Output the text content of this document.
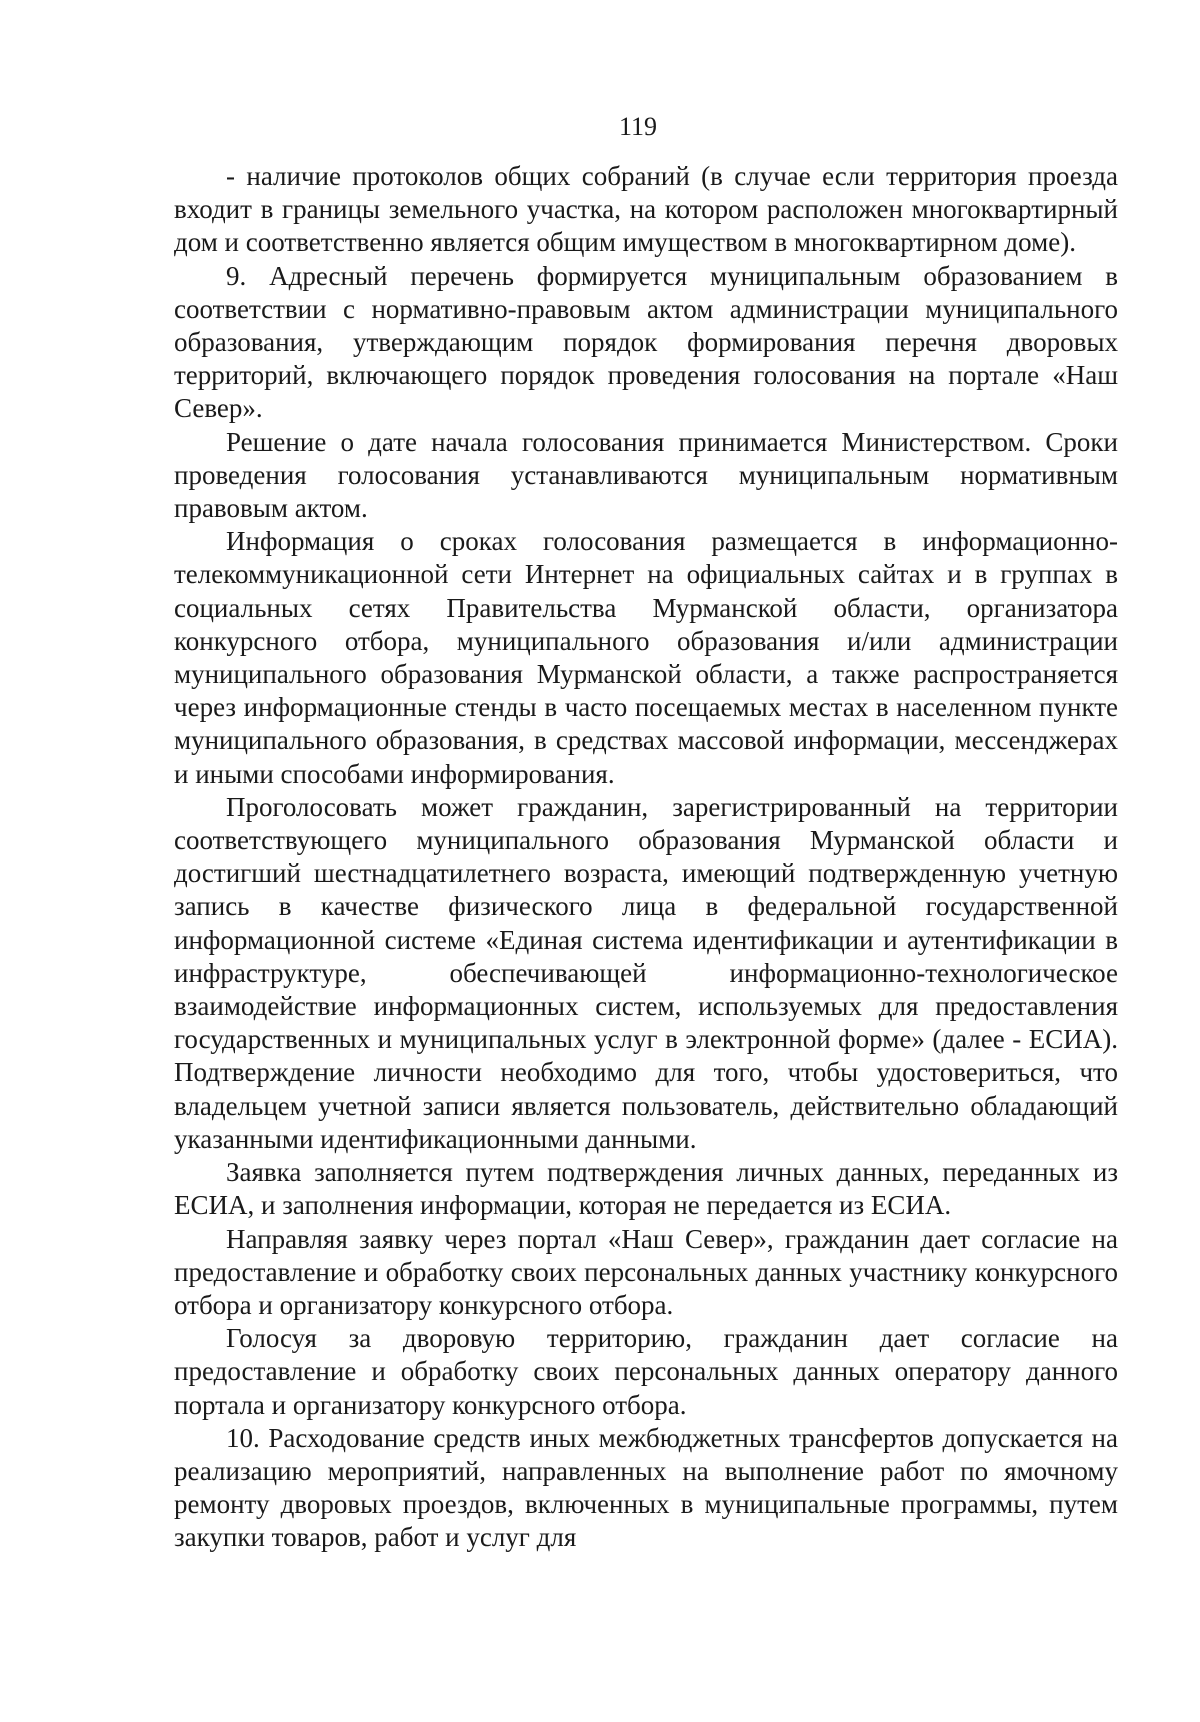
119

- наличие протоколов общих собраний (в случае если территория проезда входит в границы земельного участка, на котором расположен многоквартирный дом и соответственно является общим имуществом в многоквартирном доме).

9. Адресный перечень формируется муниципальным образованием в соответствии с нормативно-правовым актом администрации муниципального образования, утверждающим порядок формирования перечня дворовых территорий, включающего порядок проведения голосования на портале «Наш Север».

Решение о дате начала голосования принимается Министерством. Сроки проведения голосования устанавливаются муниципальным нормативным правовым актом.

Информация о сроках голосования размещается в информационно-телекоммуникационной сети Интернет на официальных сайтах и в группах в социальных сетях Правительства Мурманской области, организатора конкурсного отбора, муниципального образования и/или администрации муниципального образования Мурманской области, а также распространяется через информационные стенды в часто посещаемых местах в населенном пункте муниципального образования, в средствах массовой информации, мессенджерах и иными способами информирования.

Проголосовать может гражданин, зарегистрированный на территории соответствующего муниципального образования Мурманской области и достигший шестнадцатилетнего возраста, имеющий подтвержденную учетную запись в качестве физического лица в федеральной государственной информационной системе «Единая система идентификации и аутентификации в инфраструктуре, обеспечивающей информационно-технологическое взаимодействие информационных систем, используемых для предоставления государственных и муниципальных услуг в электронной форме» (далее - ЕСИА). Подтверждение личности необходимо для того, чтобы удостовериться, что владельцем учетной записи является пользователь, действительно обладающий указанными идентификационными данными.

Заявка заполняется путем подтверждения личных данных, переданных из ЕСИА, и заполнения информации, которая не передается из ЕСИА.

Направляя заявку через портал «Наш Север», гражданин дает согласие на предоставление и обработку своих персональных данных участнику конкурсного отбора и организатору конкурсного отбора.

Голосуя за дворовую территорию, гражданин дает согласие на предоставление и обработку своих персональных данных оператору данного портала и организатору конкурсного отбора.

10. Расходование средств иных межбюджетных трансфертов допускается на реализацию мероприятий, направленных на выполнение работ по ямочному ремонту дворовых проездов, включенных в муниципальные программы, путем закупки товаров, работ и услуг для
